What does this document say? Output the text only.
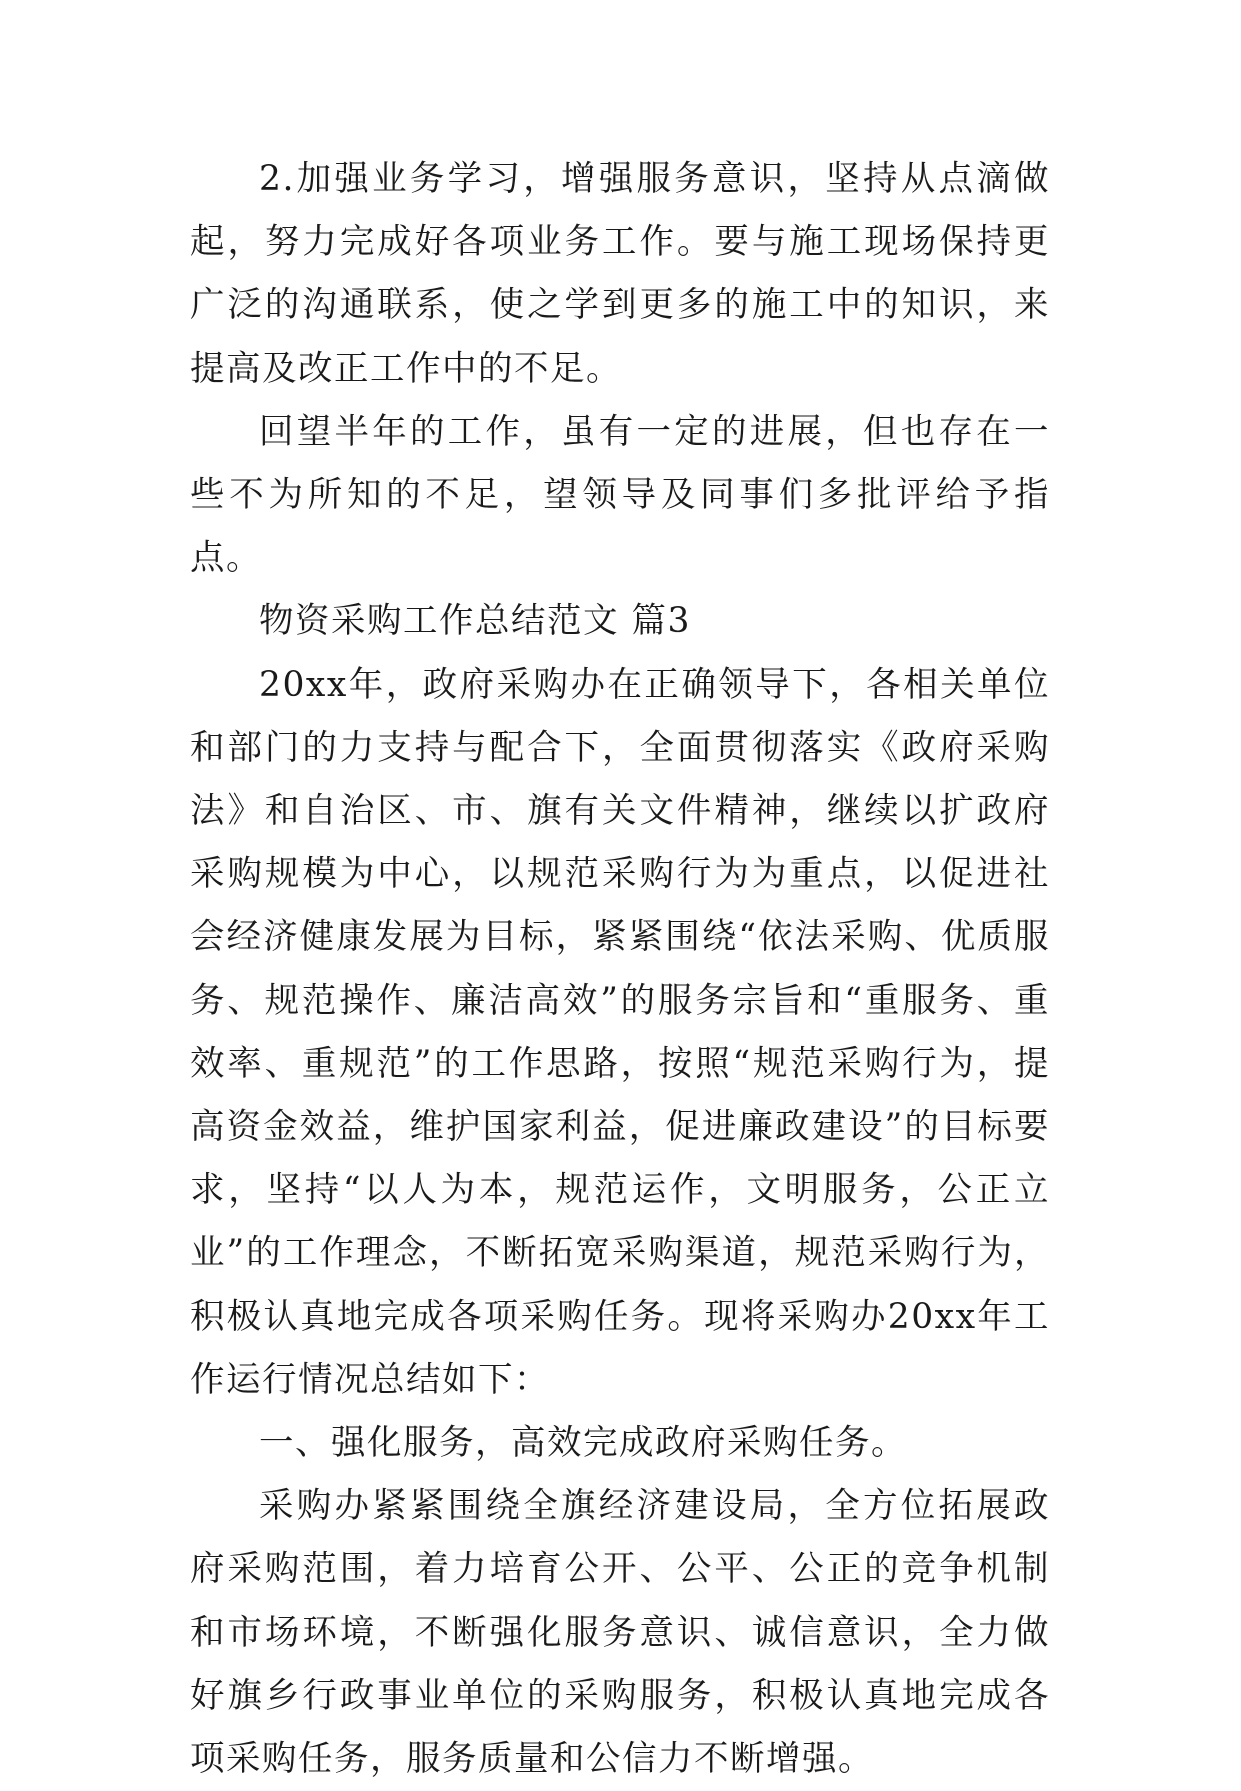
2.加强业务学习，增强服务意识，坚持从点滴做起，努力完成好各项业务工作。要与施工现场保持更广泛的沟通联系，使之学到更多的施工中的知识，来提高及改正工作中的不足。

回望半年的工作，虽有一定的进展，但也存在一些不为所知的不足，望领导及同事们多批评给予指点。

物资采购工作总结范文 篇3

20xx年，政府采购办在正确领导下，各相关单位和部门的力支持与配合下，全面贯彻落实《政府采购法》和自治区、市、旗有关文件精神，继续以扩政府采购规模为中心，以规范采购行为为重点，以促进社会经济健康发展为目标，紧紧围绕“依法采购、优质服务、规范操作、廉洁高效”的服务宗旨和“重服务、重效率、重规范”的工作思路，按照“规范采购行为，提高资金效益，维护国家利益，促进廉政建设”的目标要求，坚持“以人为本，规范运作，文明服务，公正立业”的工作理念，不断拓宽采购渠道，规范采购行为，积极认真地完成各项采购任务。现将采购办20xx年工作运行情况总结如下：

一、强化服务，高效完成政府采购任务。

采购办紧紧围绕全旗经济建设局，全方位拓展政府采购范围，着力培育公开、公平、公正的竞争机制和市场环境，不断强化服务意识、诚信意识，全力做好旗乡行政事业单位的采购服务，积极认真地完成各项采购任务，服务质量和公信力不断增强。
